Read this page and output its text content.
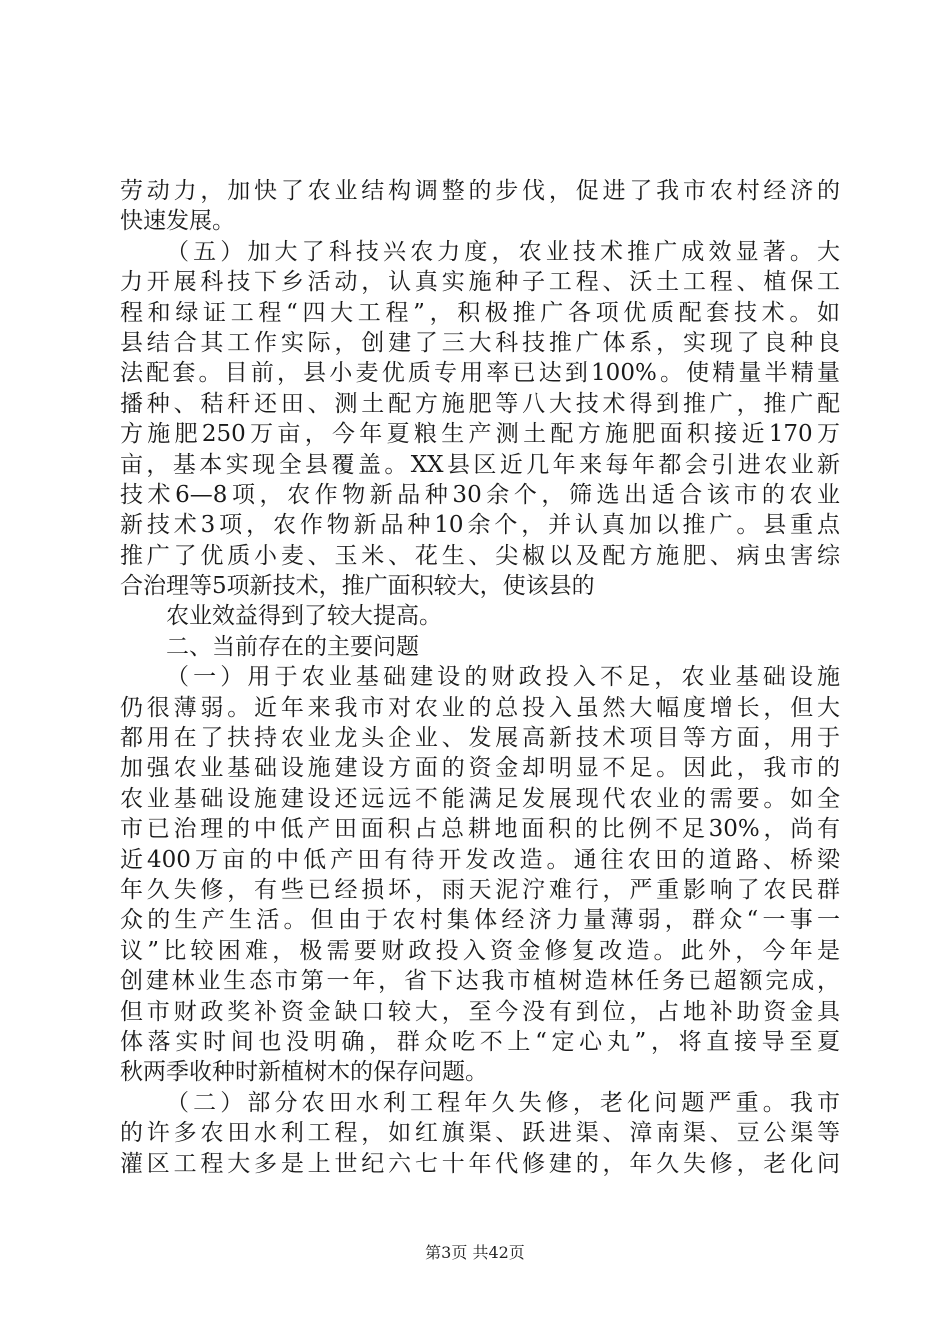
劳动力，加快了农业结构调整的步伐，促进了我市农村经济的
快速发展。
（五）加大了科技兴农力度，农业技术推广成效显著。大
力开展科技下乡活动，认真实施种子工程、沃土工程、植保工
程和绿证工程“四大工程”，积极推广各项优质配套技术。如
县结合其工作实际，创建了三大科技推广体系，实现了良种良
法配套。目前，县小麦优质专用率已达到100%。使精量半精量
播种、秸秆还田、测土配方施肥等八大技术得到推广，推广配
方施肥250万亩，今年夏粮生产测土配方施肥面积接近170万
亩，基本实现全县覆盖。XX县区近几年来每年都会引进农业新
技术6—8项，农作物新品种30余个，筛选出适合该市的农业
新技术3项，农作物新品种10余个，并认真加以推广。县重点
推广了优质小麦、玉米、花生、尖椒以及配方施肥、病虫害综
合治理等5项新技术，推广面积较大，使该县的
农业效益得到了较大提高。
二、当前存在的主要问题
（一）用于农业基础建设的财政投入不足，农业基础设施
仍很薄弱。近年来我市对农业的总投入虽然大幅度增长，但大
都用在了扶持农业龙头企业、发展高新技术项目等方面，用于
加强农业基础设施建设方面的资金却明显不足。因此，我市的
农业基础设施建设还远远不能满足发展现代农业的需要。如全
市已治理的中低产田面积占总耕地面积的比例不足30%，尚有
近400万亩的中低产田有待开发改造。通往农田的道路、桥梁
年久失修，有些已经损坏，雨天泥泞难行，严重影响了农民群
众的生产生活。但由于农村集体经济力量薄弱，群众“一事一
议”比较困难，极需要财政投入资金修复改造。此外，今年是
创建林业生态市第一年，省下达我市植树造林任务已超额完成，
但市财政奖补资金缺口较大，至今没有到位，占地补助资金具
体落实时间也没明确，群众吃不上“定心丸”，将直接导至夏
秋两季收种时新植树木的保存问题。
（二）部分农田水利工程年久失修，老化问题严重。我市
的许多农田水利工程，如红旗渠、跃进渠、漳南渠、豆公渠等
灌区工程大多是上世纪六七十年代修建的，年久失修，老化问
第3页 共42页
